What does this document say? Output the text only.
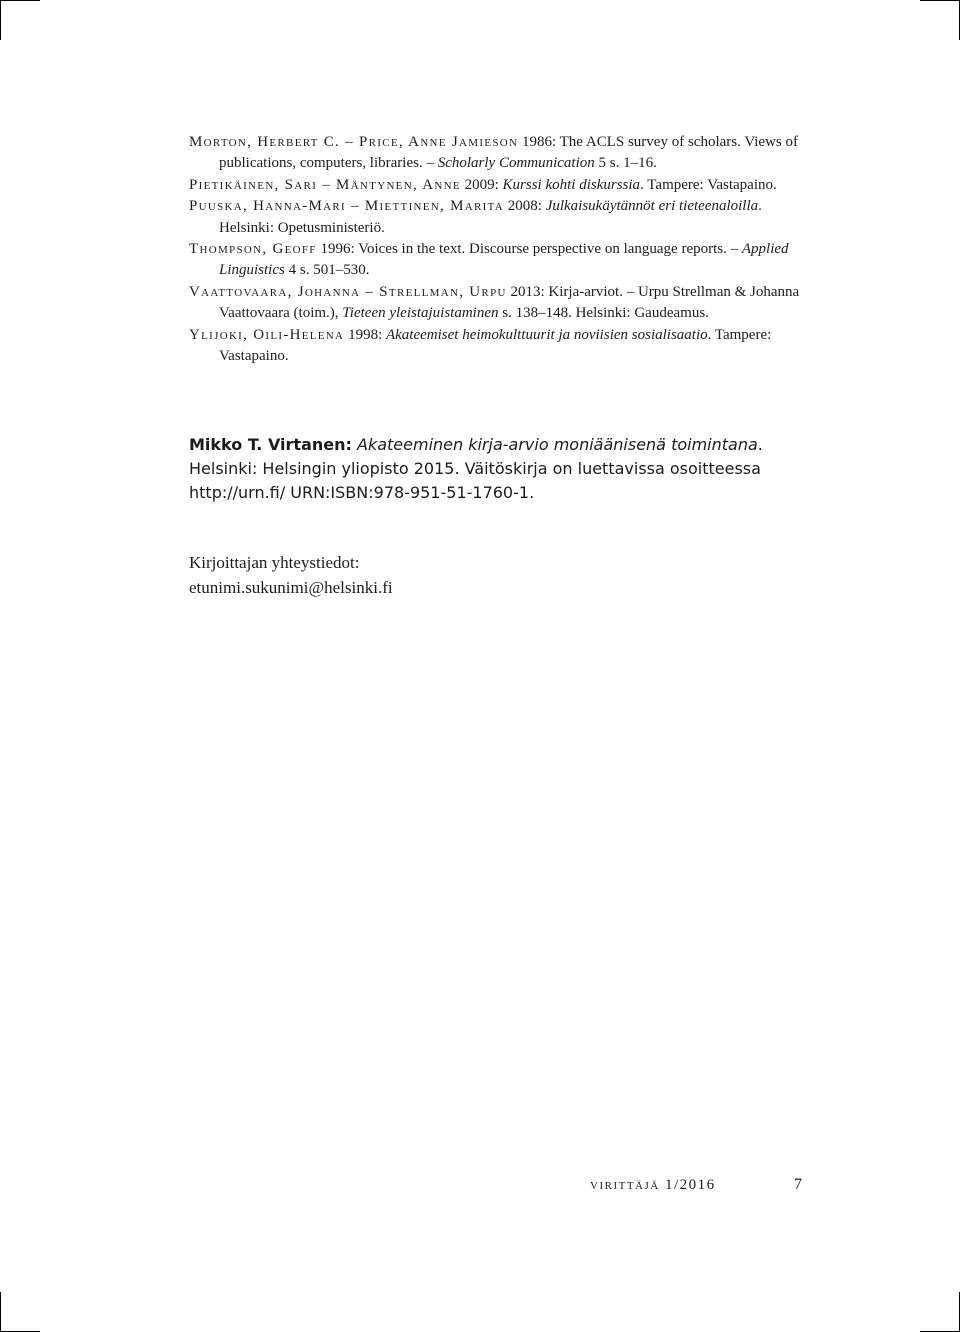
Morton, Herbert C. – Price, Anne Jamieson 1986: The ACLS survey of scholars. Views of publications, computers, libraries. – Scholarly Communication 5 s. 1–16.

Pietikäinen, Sari – Mäntynen, Anne 2009: Kurssi kohti diskurssia. Tampere: Vastapaino.

Puuska, Hanna-Mari – Miettinen, Marita 2008: Julkaisukäytännöt eri tieteenaloilla. Helsinki: Opetusministeriö.

Thompson, Geoff 1996: Voices in the text. Discourse perspective on language reports. – Applied Linguistics 4 s. 501–530.

Vaattovaara, Johanna – Strellman, Urpu 2013: Kirja-arviot. – Urpu Strellman & Johanna Vaattovaara (toim.), Tieteen yleistajuistaminen s. 138–148. Helsinki: Gaudeamus.

Ylijoki, Oili-Helena 1998: Akateemiset heimokulttuurit ja noviisien sosialisaatio. Tampere: Vastapaino.

Mikko T. Virtanen: Akateeminen kirja-arvio moniäänisenä toimintana. Helsinki: Helsingin yliopisto 2015. Väitöskirja on luettavissa osoitteessa http://urn.fi/ URN:ISBN:978-951-51-1760-1.

Kirjoittajan yhteystiedot:
etunimi.sukunimi@helsinki.fi
virittäjä 1/2016	7
